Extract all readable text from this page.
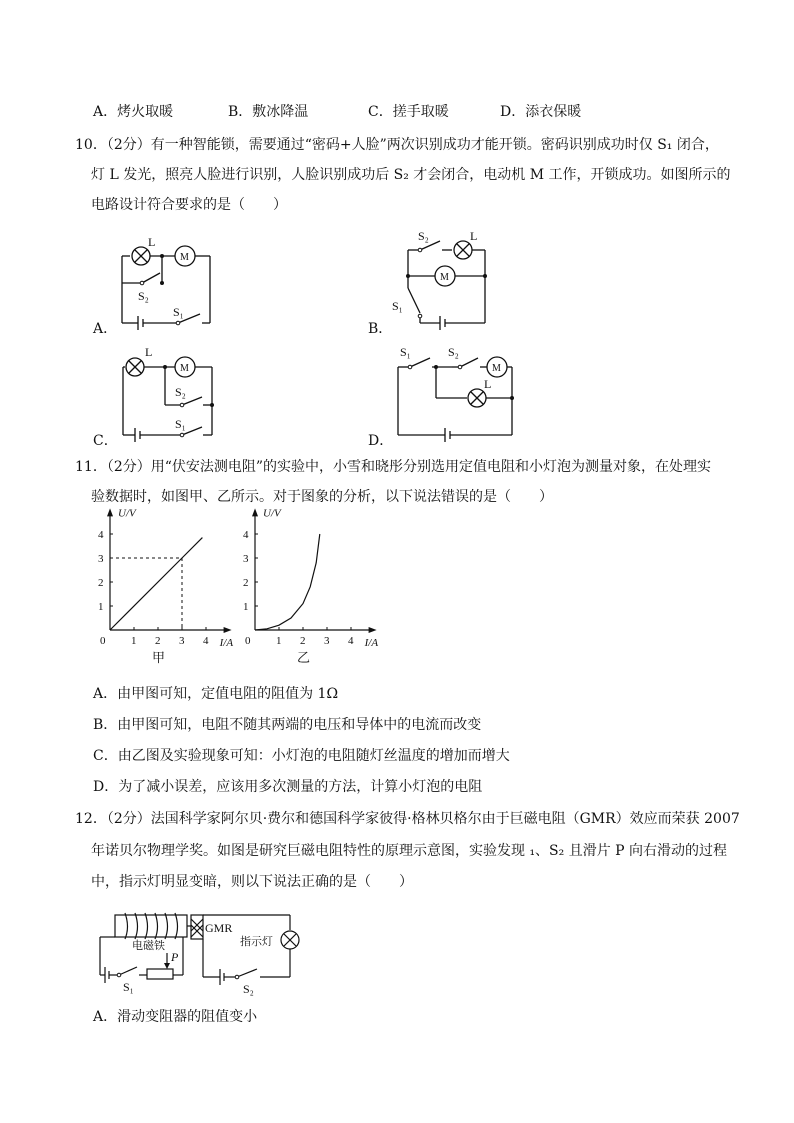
A．烤火取暖	B．敷冰降温	C．搓手取暖	D．添衣保暖
10．（2分）有一种智能锁，需要通过“密码+人脸”两次识别成功才能开锁。密码识别成功时仅 S₁ 闭合，
灯 L 发光，照亮人脸进行识别，人脸识别成功后 S₂ 才会闭合，电动机 M 工作，开锁成功。如图所示的
电路设计符合要求的是（　　）
L
M
S₂
S₁
A．
S₂	L
M
S₁
B．
L
M
S₂
S₁
C．
S₁	S₂
M
L
D．
11．（2分）用“伏安法测电阻”的实验中，小雪和晓彤分别选用定值电阻和小灯泡为测量对象，在处理实
验数据时，如图甲、乙所示。对于图象的分析，以下说法错误的是（　　）
U/V
I/A
0 1 2 3 4
1
2
3
4
甲
U/V
I/A
0 1 2 3 4
1
2
3
4
乙
A．由甲图可知，定值电阻的阻值为 1Ω
B．由甲图可知，电阻不随其两端的电压和导体中的电流而改变
C．由乙图及实验现象可知：小灯泡的电阻随灯丝温度的增加而增大
D．为了减小误差，应该用多次测量的方法，计算小灯泡的电阻
12．（2分）法国科学家阿尔贝·费尔和德国科学家彼得·格林贝格尔由于巨磁电阻（GMR）效应而荣获 2007
年诺贝尔物理学奖。如图是研究巨磁电阻特性的原理示意图，实验发现 ₁、S₂ 且滑片 P 向右滑动的过程
中，指示灯明显变暗，则以下说法正确的是（　　）
GMR
电磁铁	指示灯
P
S₁	S₂
A．滑动变阻器的阻值变小
